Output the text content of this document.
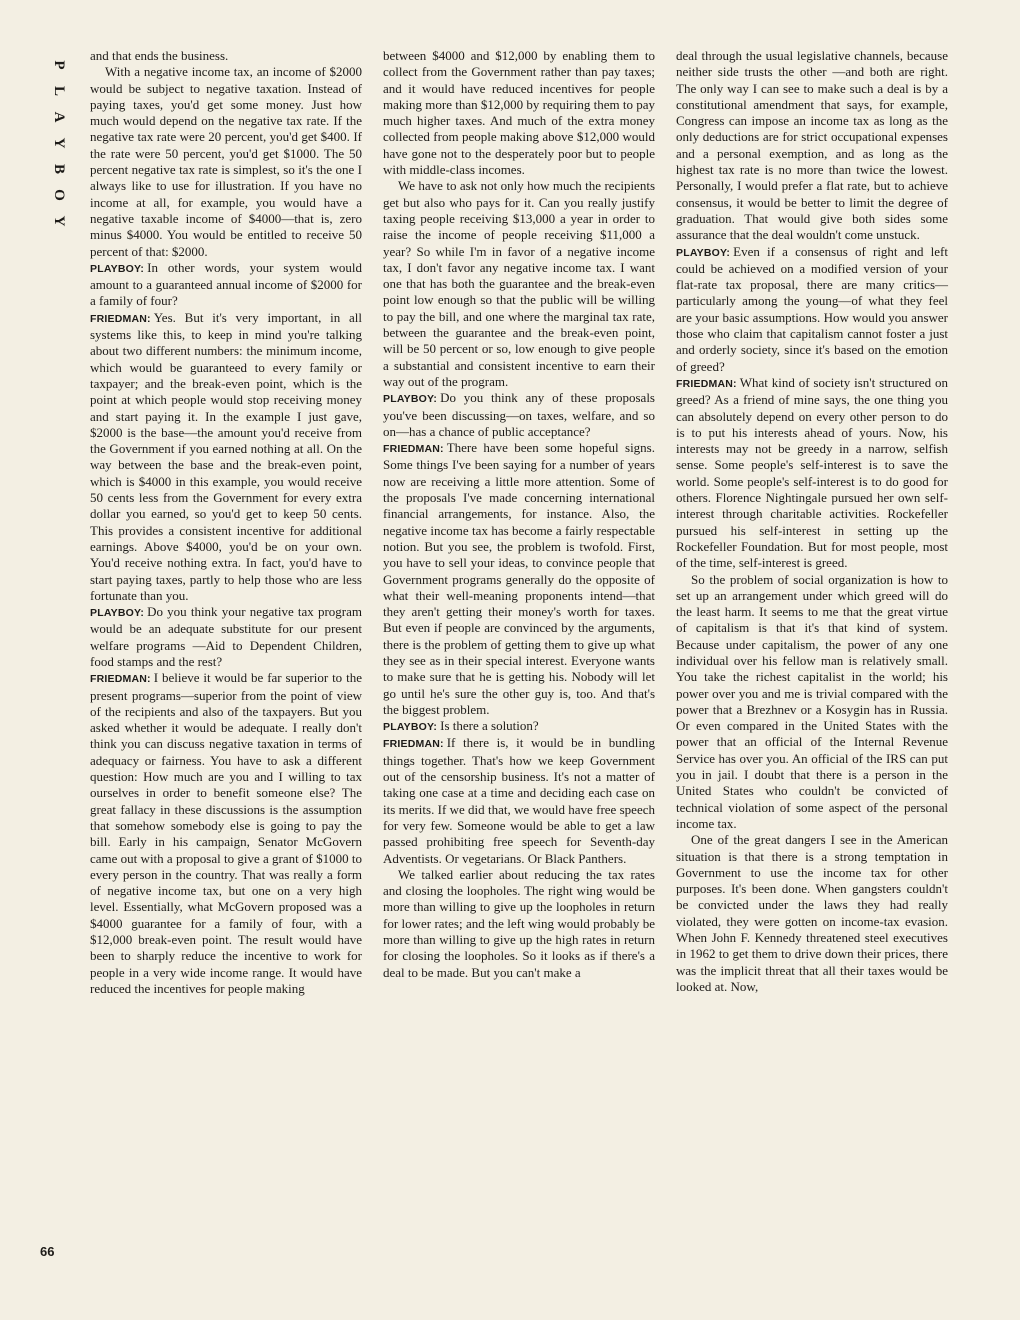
P
L
A
Y
B
O
Y
66

and that ends the business.

With a negative income tax, an income of $2000 would be subject to negative taxation. Instead of paying taxes, you'd get some money. Just how much would depend on the negative tax rate. If the negative tax rate were 20 percent, you'd get $400. If the rate were 50 percent, you'd get $1000. The 50 percent negative tax rate is simplest, so it's the one I always like to use for illustration. If you have no income at all, for example, you would have a negative taxable income of $4000—that is, zero minus $4000. You would be entitled to receive 50 percent of that: $2000.

PLAYBOY: In other words, your system would amount to a guaranteed annual income of $2000 for a family of four?

FRIEDMAN: Yes. But it's very important, in all systems like this, to keep in mind you're talking about two different numbers: the minimum income, which would be guaranteed to every family or taxpayer; and the break-even point, which is the point at which people would stop receiving money and start paying it. In the example I just gave, $2000 is the base—the amount you'd receive from the Government if you earned nothing at all. On the way between the base and the break-even point, which is $4000 in this example, you would receive 50 cents less from the Government for every extra dollar you earned, so you'd get to keep 50 cents. This provides a consistent incentive for additional earnings. Above $4000, you'd be on your own. You'd receive nothing extra. In fact, you'd have to start paying taxes, partly to help those who are less fortunate than you.

PLAYBOY: Do you think your negative tax program would be an adequate substitute for our present welfare programs —Aid to Dependent Children, food stamps and the rest?

FRIEDMAN: I believe it would be far superior to the present programs—superior from the point of view of the recipients and also of the taxpayers. But you asked whether it would be adequate. I really don't think you can discuss negative taxation in terms of adequacy or fairness. You have to ask a different question: How much are you and I willing to tax ourselves in order to benefit someone else? The great fallacy in these discussions is the assumption that somehow somebody else is going to pay the bill. Early in his campaign, Senator McGovern came out with a proposal to give a grant of $1000 to every person in the country. That was really a form of negative income tax, but one on a very high level. Essentially, what McGovern proposed was a $4000 guarantee for a family of four, with a $12,000 break-even point. The result would have been to sharply reduce the incentive to work for people in a very wide income range. It would have reduced the incentives for people making

between $4000 and $12,000 by enabling them to collect from the Government rather than pay taxes; and it would have reduced incentives for people making more than $12,000 by requiring them to pay much higher taxes. And much of the extra money collected from people making above $12,000 would have gone not to the desperately poor but to people with middle-class incomes.

We have to ask not only how much the recipients get but also who pays for it. Can you really justify taxing people receiving $13,000 a year in order to raise the income of people receiving $11,000 a year? So while I'm in favor of a negative income tax, I don't favor any negative income tax. I want one that has both the guarantee and the break-even point low enough so that the public will be willing to pay the bill, and one where the marginal tax rate, between the guarantee and the break-even point, will be 50 percent or so, low enough to give people a substantial and consistent incentive to earn their way out of the program.

PLAYBOY: Do you think any of these proposals you've been discussing—on taxes, welfare, and so on—has a chance of public acceptance?

FRIEDMAN: There have been some hopeful signs. Some things I've been saying for a number of years now are receiving a little more attention. Some of the proposals I've made concerning international financial arrangements, for instance. Also, the negative income tax has become a fairly respectable notion. But you see, the problem is twofold. First, you have to sell your ideas, to convince people that Government programs generally do the opposite of what their well-meaning proponents intend—that they aren't getting their money's worth for taxes. But even if people are convinced by the arguments, there is the problem of getting them to give up what they see as in their special interest. Everyone wants to make sure that he is getting his. Nobody will let go until he's sure the other guy is, too. And that's the biggest problem.

PLAYBOY: Is there a solution?

FRIEDMAN: If there is, it would be in bundling things together. That's how we keep Government out of the censorship business. It's not a matter of taking one case at a time and deciding each case on its merits. If we did that, we would have free speech for very few. Someone would be able to get a law passed prohibiting free speech for Seventh-day Adventists. Or vegetarians. Or Black Panthers.

We talked earlier about reducing the tax rates and closing the loopholes. The right wing would be more than willing to give up the loopholes in return for lower rates; and the left wing would probably be more than willing to give up the high rates in return for closing the loopholes. So it looks as if there's a deal to be made. But you can't make a

deal through the usual legislative channels, because neither side trusts the other —and both are right. The only way I can see to make such a deal is by a constitutional amendment that says, for example, Congress can impose an income tax as long as the only deductions are for strict occupational expenses and a personal exemption, and as long as the highest tax rate is no more than twice the lowest. Personally, I would prefer a flat rate, but to achieve consensus, it would be better to limit the degree of graduation. That would give both sides some assurance that the deal wouldn't come unstuck.

PLAYBOY: Even if a consensus of right and left could be achieved on a modified version of your flat-rate tax proposal, there are many critics—particularly among the young—of what they feel are your basic assumptions. How would you answer those who claim that capitalism cannot foster a just and orderly society, since it's based on the emotion of greed?

FRIEDMAN: What kind of society isn't structured on greed? As a friend of mine says, the one thing you can absolutely depend on every other person to do is to put his interests ahead of yours. Now, his interests may not be greedy in a narrow, selfish sense. Some people's self-interest is to save the world. Some people's self-interest is to do good for others. Florence Nightingale pursued her own self-interest through charitable activities. Rockefeller pursued his self-interest in setting up the Rockefeller Foundation. But for most people, most of the time, self-interest is greed.

So the problem of social organization is how to set up an arrangement under which greed will do the least harm. It seems to me that the great virtue of capitalism is that it's that kind of system. Because under capitalism, the power of any one individual over his fellow man is relatively small. You take the richest capitalist in the world; his power over you and me is trivial compared with the power that a Brezhnev or a Kosygin has in Russia. Or even compared in the United States with the power that an official of the Internal Revenue Service has over you. An official of the IRS can put you in jail. I doubt that there is a person in the United States who couldn't be convicted of technical violation of some aspect of the personal income tax.

One of the great dangers I see in the American situation is that there is a strong temptation in Government to use the income tax for other purposes. It's been done. When gangsters couldn't be convicted under the laws they had really violated, they were gotten on income-tax evasion. When John F. Kennedy threatened steel executives in 1962 to get them to drive down their prices, there was the implicit threat that all their taxes would be looked at. Now,
